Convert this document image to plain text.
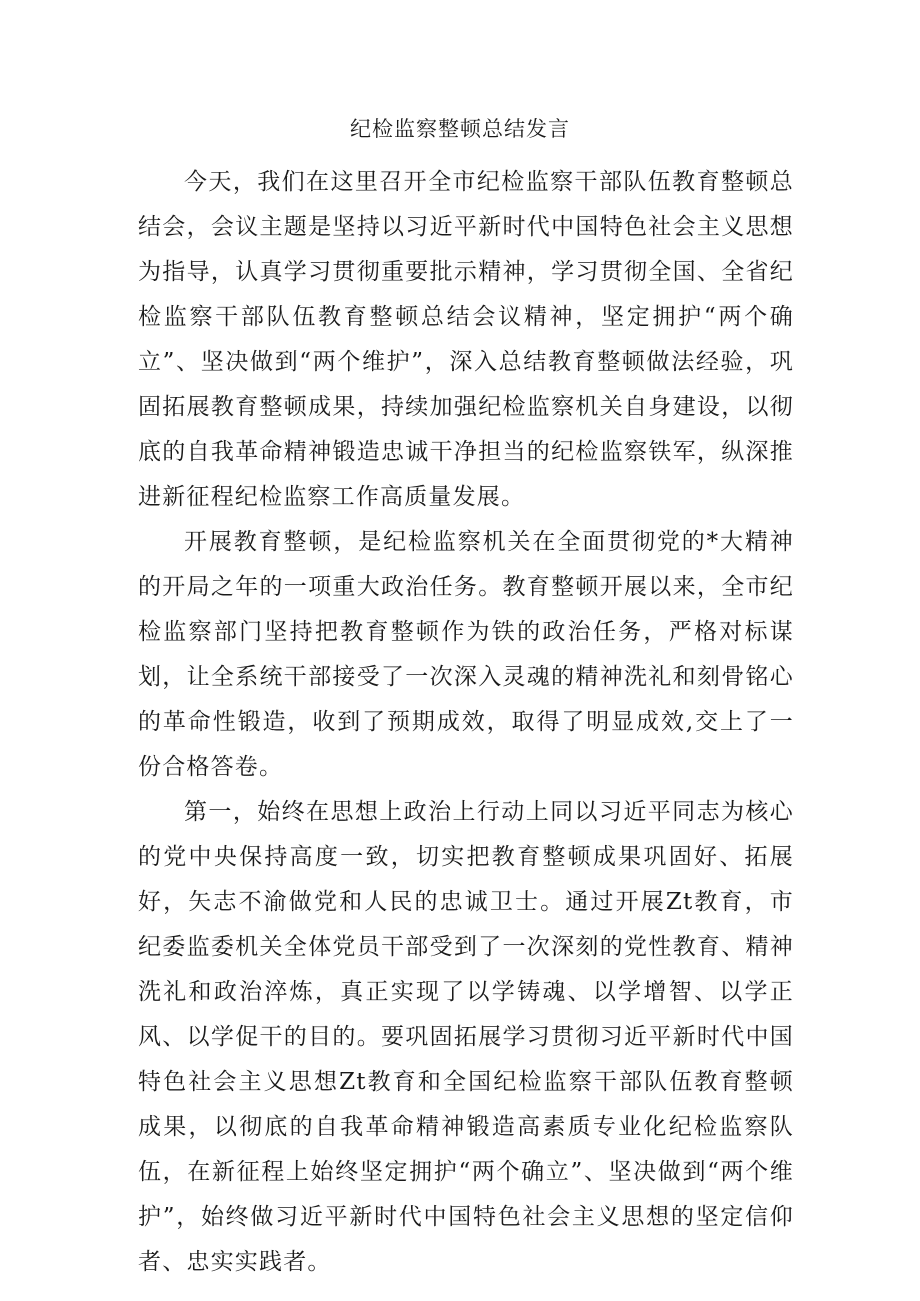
纪检监察整顿总结发言

今天，我们在这里召开全市纪检监察干部队伍教育整顿总结会，会议主题是坚持以习近平新时代中国特色社会主义思想为指导，认真学习贯彻重要批示精神，学习贯彻全国、全省纪检监察干部队伍教育整顿总结会议精神，坚定拥护“两个确立”、坚决做到“两个维护”，深入总结教育整顿做法经验，巩固拓展教育整顿成果，持续加强纪检监察机关自身建设，以彻底的自我革命精神锻造忠诚干净担当的纪检监察铁军，纵深推进新征程纪检监察工作高质量发展。

开展教育整顿，是纪检监察机关在全面贯彻党的*大精神的开局之年的一项重大政治任务。教育整顿开展以来，全市纪检监察部门坚持把教育整顿作为铁的政治任务，严格对标谋划，让全系统干部接受了一次深入灵魂的精神洗礼和刻骨铭心的革命性锻造，收到了预期成效，取得了明显成效,交上了一份合格答卷。

第一，始终在思想上政治上行动上同以习近平同志为核心的党中央保持高度一致，切实把教育整顿成果巩固好、拓展好，矢志不渝做党和人民的忠诚卫士。通过开展Zt教育，市纪委监委机关全体党员干部受到了一次深刻的党性教育、精神洗礼和政治淬炼，真正实现了以学铸魂、以学增智、以学正风、以学促干的目的。要巩固拓展学习贯彻习近平新时代中国特色社会主义思想Zt教育和全国纪检监察干部队伍教育整顿成果，以彻底的自我革命精神锻造高素质专业化纪检监察队伍，在新征程上始终坚定拥护“两个确立”、坚决做到“两个维护”，始终做习近平新时代中国特色社会主义思想的坚定信仰者、忠实实践者。
